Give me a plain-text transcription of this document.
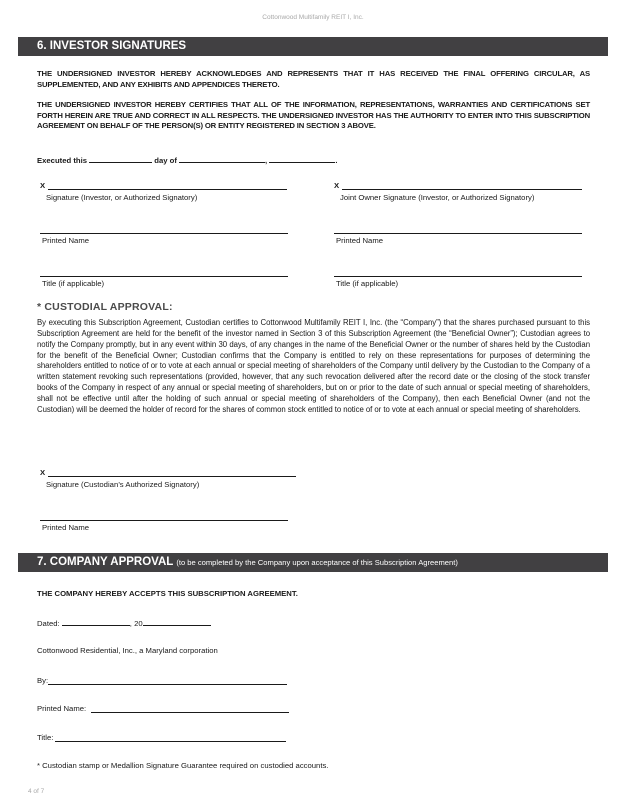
Cottonwood Multifamily REIT I, Inc.
6. INVESTOR SIGNATURES
THE UNDERSIGNED INVESTOR HEREBY ACKNOWLEDGES AND REPRESENTS THAT IT HAS RECEIVED THE FINAL OFFERING CIRCULAR, AS SUPPLEMENTED, AND ANY EXHIBITS AND APPENDICES THERETO.
THE UNDERSIGNED INVESTOR HEREBY CERTIFIES THAT ALL OF THE INFORMATION, REPRESENTATIONS, WARRANTIES AND CERTIFICATIONS SET FORTH HEREIN ARE TRUE AND CORRECT IN ALL RESPECTS. THE UNDERSIGNED INVESTOR HAS THE AUTHORITY TO ENTER INTO THIS SUBSCRIPTION AGREEMENT ON BEHALF OF THE PERSON(S) OR ENTITY REGISTERED IN SECTION 3 ABOVE.
Executed this	day of	,	.
X
Signature (Investor, or Authorized Signatory)
X
Joint Owner Signature (Investor, or Authorized Signatory)
Printed Name	Printed Name
Title (if applicable)	Title (if applicable)
* CUSTODIAL APPROVAL:
By executing this Subscription Agreement, Custodian certifies to Cottonwood Multifamily REIT I, Inc. (the “Company”) that the shares purchased pursuant to this Subscription Agreement are held for the benefit of the investor named in Section 3 of this Subscription Agreement (the “Beneficial Owner”); Custodian agrees to notify the Company promptly, but in any event within 30 days, of any changes in the name of the Beneficial Owner or the number of shares held by the Custodian for the benefit of the Beneficial Owner; Custodian confirms that the Company is entitled to rely on these representations for purposes of determining the shareholders entitled to notice of or to vote at each annual or special meeting of shareholders of the Company until delivery by the Custodian to the Company of a written statement revoking such representations (provided, however, that any such revocation delivered after the record date or the closing of the stock transfer books of the Company in respect of any annual or special meeting of shareholders, but on or prior to the date of such annual or special meeting of shareholders, shall not be effective until after the holding of such annual or special meeting of shareholders of the Company), then each Beneficial Owner (and not the Custodian) will be deemed the holder of record for the shares of common stock entitled to notice of or to vote at each annual or special meeting of shareholders.
X
Signature (Custodian’s Authorized Signatory)
Printed Name
7. COMPANY APPROVAL (to be completed by the Company upon acceptance of this Subscription Agreement)
THE COMPANY HEREBY ACCEPTS THIS SUBSCRIPTION AGREEMENT.
Dated:	, 20
Cottonwood Residential, Inc., a Maryland corporation
By:
Printed Name:
Title:
* Custodian stamp or Medallion Signature Guarantee required on custodied accounts.
4 of 7
